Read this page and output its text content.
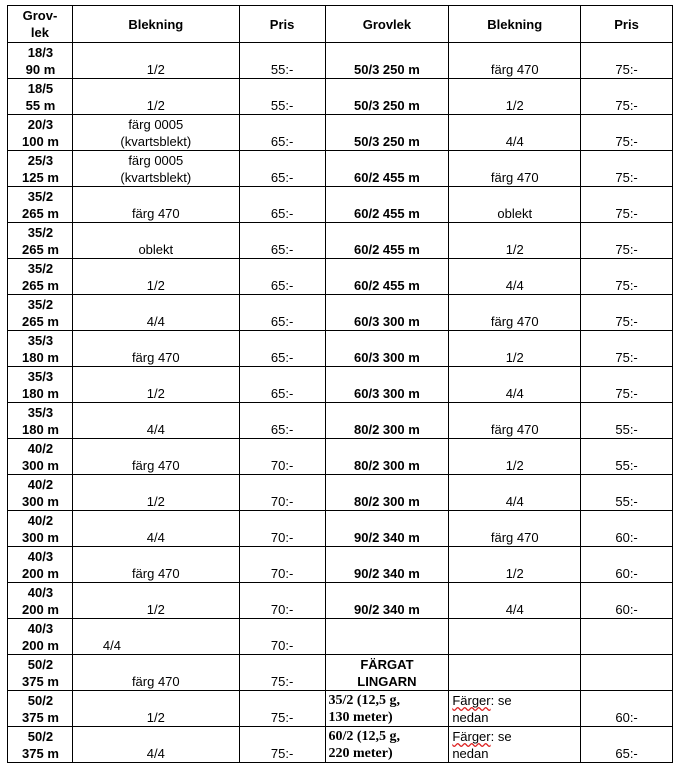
Grov-
lek	Blekning	Pris	Grovlek	Blekning	Pris
18/3
90 m	1/2	55:-	50/3 250 m	färg 470	75:-
18/5
55 m	1/2	55:-	50/3 250 m	1/2	75:-
20/3
100 m	färg 0005
(kvartsblekt)	65:-	50/3 250 m	4/4	75:-
25/3
125 m	färg 0005
(kvartsblekt)	65:-	60/2 455 m	färg 470	75:-
35/2
265 m	färg 470	65:-	60/2 455 m	oblekt	75:-
35/2
265 m	oblekt	65:-	60/2 455 m	1/2	75:-
35/2
265 m	1/2	65:-	60/2 455 m	4/4	75:-
35/2
265 m	4/4	65:-	60/3 300 m	färg 470	75:-
35/3
180 m	färg 470	65:-	60/3 300 m	1/2	75:-
35/3
180 m	1/2	65:-	60/3 300 m	4/4	75:-
35/3
180 m	4/4	65:-	80/2 300 m	färg 470	55:-
40/2
300 m	färg 470	70:-	80/2 300 m	1/2	55:-
40/2
300 m	1/2	70:-	80/2 300 m	4/4	55:-
40/2
300 m	4/4	70:-	90/2 340 m	färg 470	60:-
40/3
200 m	färg 470	70:-	90/2 340 m	1/2	60:-
40/3
200 m	1/2	70:-	90/2 340 m	4/4	60:-
40/3
200 m	4/4	70:-			
50/2
375 m	färg 470	75:-	FÄRGAT
LINGARN		
50/2
375 m	1/2	75:-	35/2 (12,5 g,
130 meter)	Färger: se
nedan	60:-
50/2
375 m	4/4	75:-	60/2 (12,5 g,
220 meter)	Färger: se
nedan	65:-
